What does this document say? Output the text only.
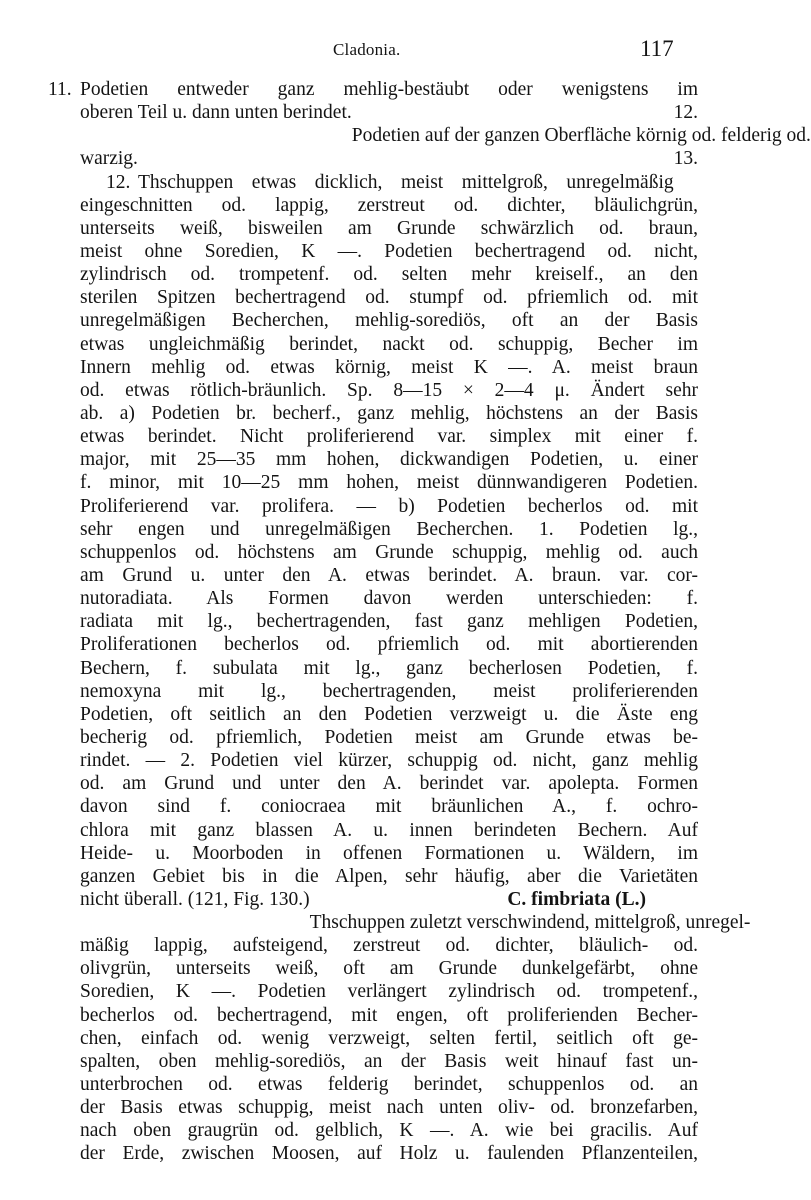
Cladonia.	117
11. Podetien entweder ganz mehlig-bestäubt oder wenigstens im
oberen Teil u. dann unten berindet.	12.
Podetien auf der ganzen Oberfläche körnig od. felderig od.
warzig.	13.
12. Thschuppen etwas dicklich, meist mittelgroß, unregelmäßig
eingeschnitten od. lappig, zerstreut od. dichter, bläulichgrün,
unterseits weiß, bisweilen am Grunde schwärzlich od. braun,
meist ohne Soredien, K —. Podetien bechertragend od. nicht,
zylindrisch od. trompetenf. od. selten mehr kreiself., an den
sterilen Spitzen bechertragend od. stumpf od. pfriemlich od. mit
unregelmäßigen Becherchen, mehlig-sorediös, oft an der Basis
etwas ungleichmäßig berindet, nackt od. schuppig, Becher im
Innern mehlig od. etwas körnig, meist K —. A. meist braun
od. etwas rötlich-bräunlich. Sp. 8—15 × 2—4 μ. Ändert sehr
ab. a) Podetien br. becherf., ganz mehlig, höchstens an der Basis
etwas berindet. Nicht proliferierend var. simplex mit einer f.
major, mit 25—35 mm hohen, dickwandigen Podetien, u. einer
f. minor, mit 10—25 mm hohen, meist dünnwandigeren Podetien.
Proliferierend var. prolifera. — b) Podetien becherlos od. mit
sehr engen und unregelmäßigen Becherchen. 1. Podetien lg.,
schuppenlos od. höchstens am Grunde schuppig, mehlig od. auch
am Grund u. unter den A. etwas berindet. A. braun. var. cor-
nutoradiata. Als Formen davon werden unterschieden: f.
radiata mit lg., bechertragenden, fast ganz mehligen Podetien,
Proliferationen becherlos od. pfriemlich od. mit abortierenden
Bechern, f. subulata mit lg., ganz becherlosen Podetien, f.
nemoxyna mit lg., bechertragenden, meist proliferierenden
Podetien, oft seitlich an den Podetien verzweigt u. die Äste eng
becherig od. pfriemlich, Podetien meist am Grunde etwas be-
rindet. — 2. Podetien viel kürzer, schuppig od. nicht, ganz mehlig
od. am Grund und unter den A. berindet var. apolepta. Formen
davon sind f. coniocraea mit bräunlichen A., f. ochro-
chlora mit ganz blassen A. u. innen berindeten Bechern. Auf
Heide- u. Moorboden in offenen Formationen u. Wäldern, im
ganzen Gebiet bis in die Alpen, sehr häufig, aber die Varietäten
nicht überall. (121, Fig. 130.)	C. fimbriata (L.)
Thschuppen zuletzt verschwindend, mittelgroß, unregel-
mäßig lappig, aufsteigend, zerstreut od. dichter, bläulich- od.
olivgrün, unterseits weiß, oft am Grunde dunkelgefärbt, ohne
Soredien, K —. Podetien verlängert zylindrisch od. trompetenf.,
becherlos od. bechertragend, mit engen, oft proliferienden Becher-
chen, einfach od. wenig verzweigt, selten fertil, seitlich oft ge-
spalten, oben mehlig-sorediös, an der Basis weit hinauf fast un-
unterbrochen od. etwas felderig berindet, schuppenlos od. an
der Basis etwas schuppig, meist nach unten oliv- od. bronzefarben,
nach oben graugrün od. gelblich, K —. A. wie bei gracilis. Auf
der Erde, zwischen Moosen, auf Holz u. faulenden Pflanzenteilen,
